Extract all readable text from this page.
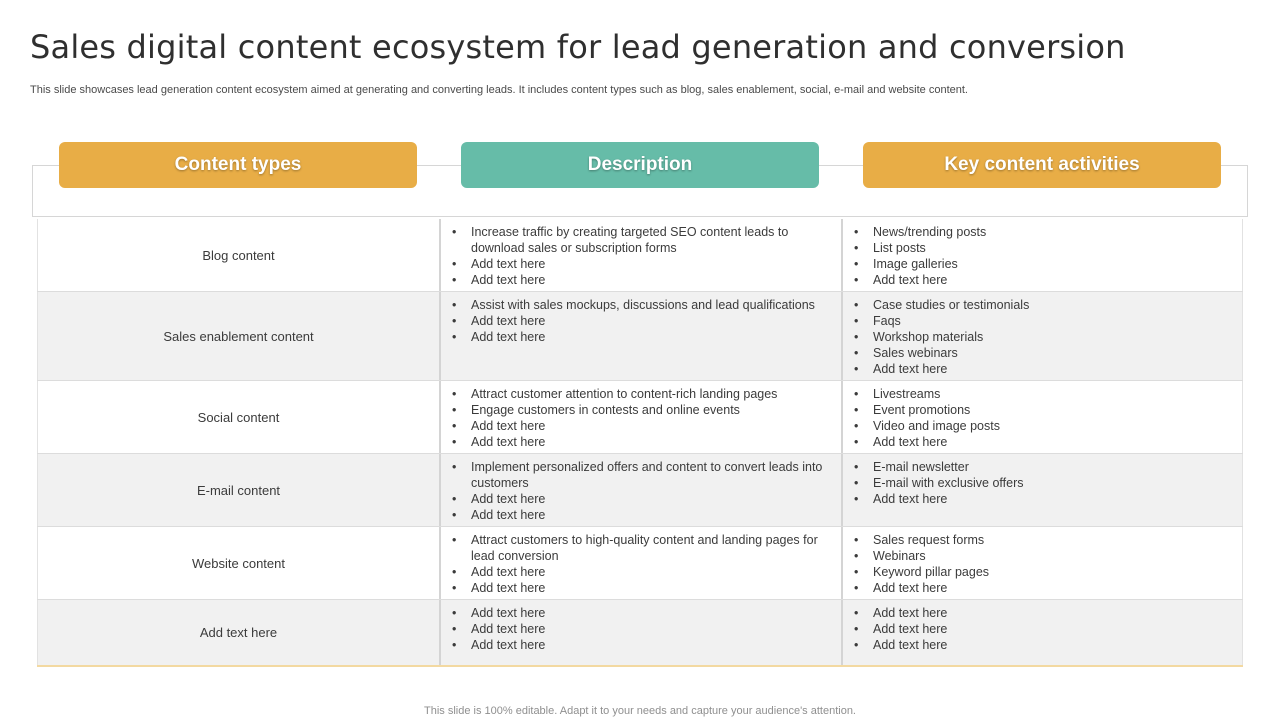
Sales digital content ecosystem for lead generation and conversion

This slide showcases lead generation content ecosystem aimed at generating and converting leads. It includes content types such as blog, sales enablement, social, e-mail and website content.

Content types	Description	Key content activities
Blog content
• Increase traffic by creating targeted SEO content leads to download sales or subscription forms
• Add text here
• Add text here
• News/trending posts
• List posts
• Image galleries
• Add text here
Sales enablement content
• Assist with sales mockups, discussions and lead qualifications
• Add text here
• Add text here
• Case studies or testimonials
• Faqs
• Workshop materials
• Sales webinars
• Add text here
Social content
• Attract customer attention to content-rich landing pages
• Engage customers in contests and online events
• Add text here
• Add text here
• Livestreams
• Event promotions
• Video and image posts
• Add text here
E-mail content
• Implement personalized offers and content to convert leads into customers
• Add text here
• Add text here
• E-mail newsletter
• E-mail with exclusive offers
• Add text here
Website content
• Attract customers to high-quality content and landing pages for lead conversion
• Add text here
• Add text here
• Sales request forms
• Webinars
• Keyword pillar pages
• Add text here
Add text here
• Add text here
• Add text here
• Add text here
• Add text here
• Add text here
• Add text here

This slide is 100% editable. Adapt it to your needs and capture your audience's attention.
